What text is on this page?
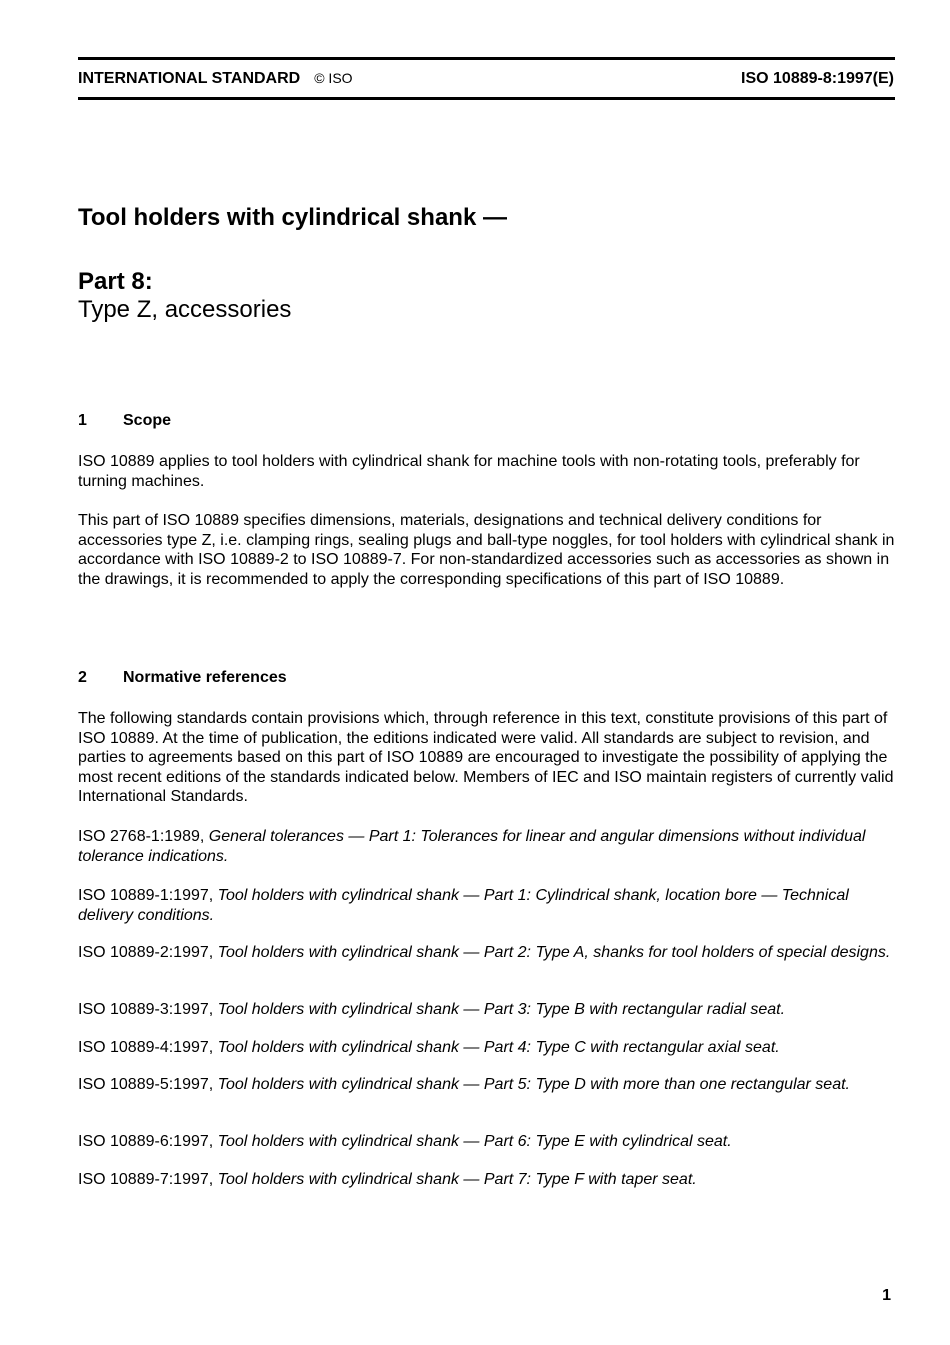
INTERNATIONAL STANDARD © ISO	ISO 10889-8:1997(E)
Tool holders with cylindrical shank —
Part 8:
Type Z, accessories
1 Scope

ISO 10889 applies to tool holders with cylindrical shank for machine tools with non-rotating tools, preferably for turning machines.

This part of ISO 10889 specifies dimensions, materials, designations and technical delivery conditions for accessories type Z, i.e. clamping rings, sealing plugs and ball-type noggles, for tool holders with cylindrical shank in accordance with ISO 10889-2 to ISO 10889-7. For non-standardized accessories such as accessories as shown in the drawings, it is recommended to apply the corresponding specifications of this part of ISO 10889.

2 Normative references

The following standards contain provisions which, through reference in this text, constitute provisions of this part of ISO 10889. At the time of publication, the editions indicated were valid. All standards are subject to revision, and parties to agreements based on this part of ISO 10889 are encouraged to investigate the possibility of applying the most recent editions of the standards indicated below. Members of IEC and ISO maintain registers of currently valid International Standards.

ISO 2768-1:1989, General tolerances — Part 1: Tolerances for linear and angular dimensions without individual tolerance indications.

ISO 10889-1:1997, Tool holders with cylindrical shank — Part 1: Cylindrical shank, location bore — Technical delivery conditions.

ISO 10889-2:1997, Tool holders with cylindrical shank — Part 2: Type A, shanks for tool holders of special designs.

ISO 10889-3:1997, Tool holders with cylindrical shank — Part 3: Type B with rectangular radial seat.

ISO 10889-4:1997, Tool holders with cylindrical shank — Part 4: Type C with rectangular axial seat.

ISO 10889-5:1997, Tool holders with cylindrical shank — Part 5: Type D with more than one rectangular seat.

ISO 10889-6:1997, Tool holders with cylindrical shank — Part 6: Type E with cylindrical seat.

ISO 10889-7:1997, Tool holders with cylindrical shank — Part 7: Type F with taper seat.

1
